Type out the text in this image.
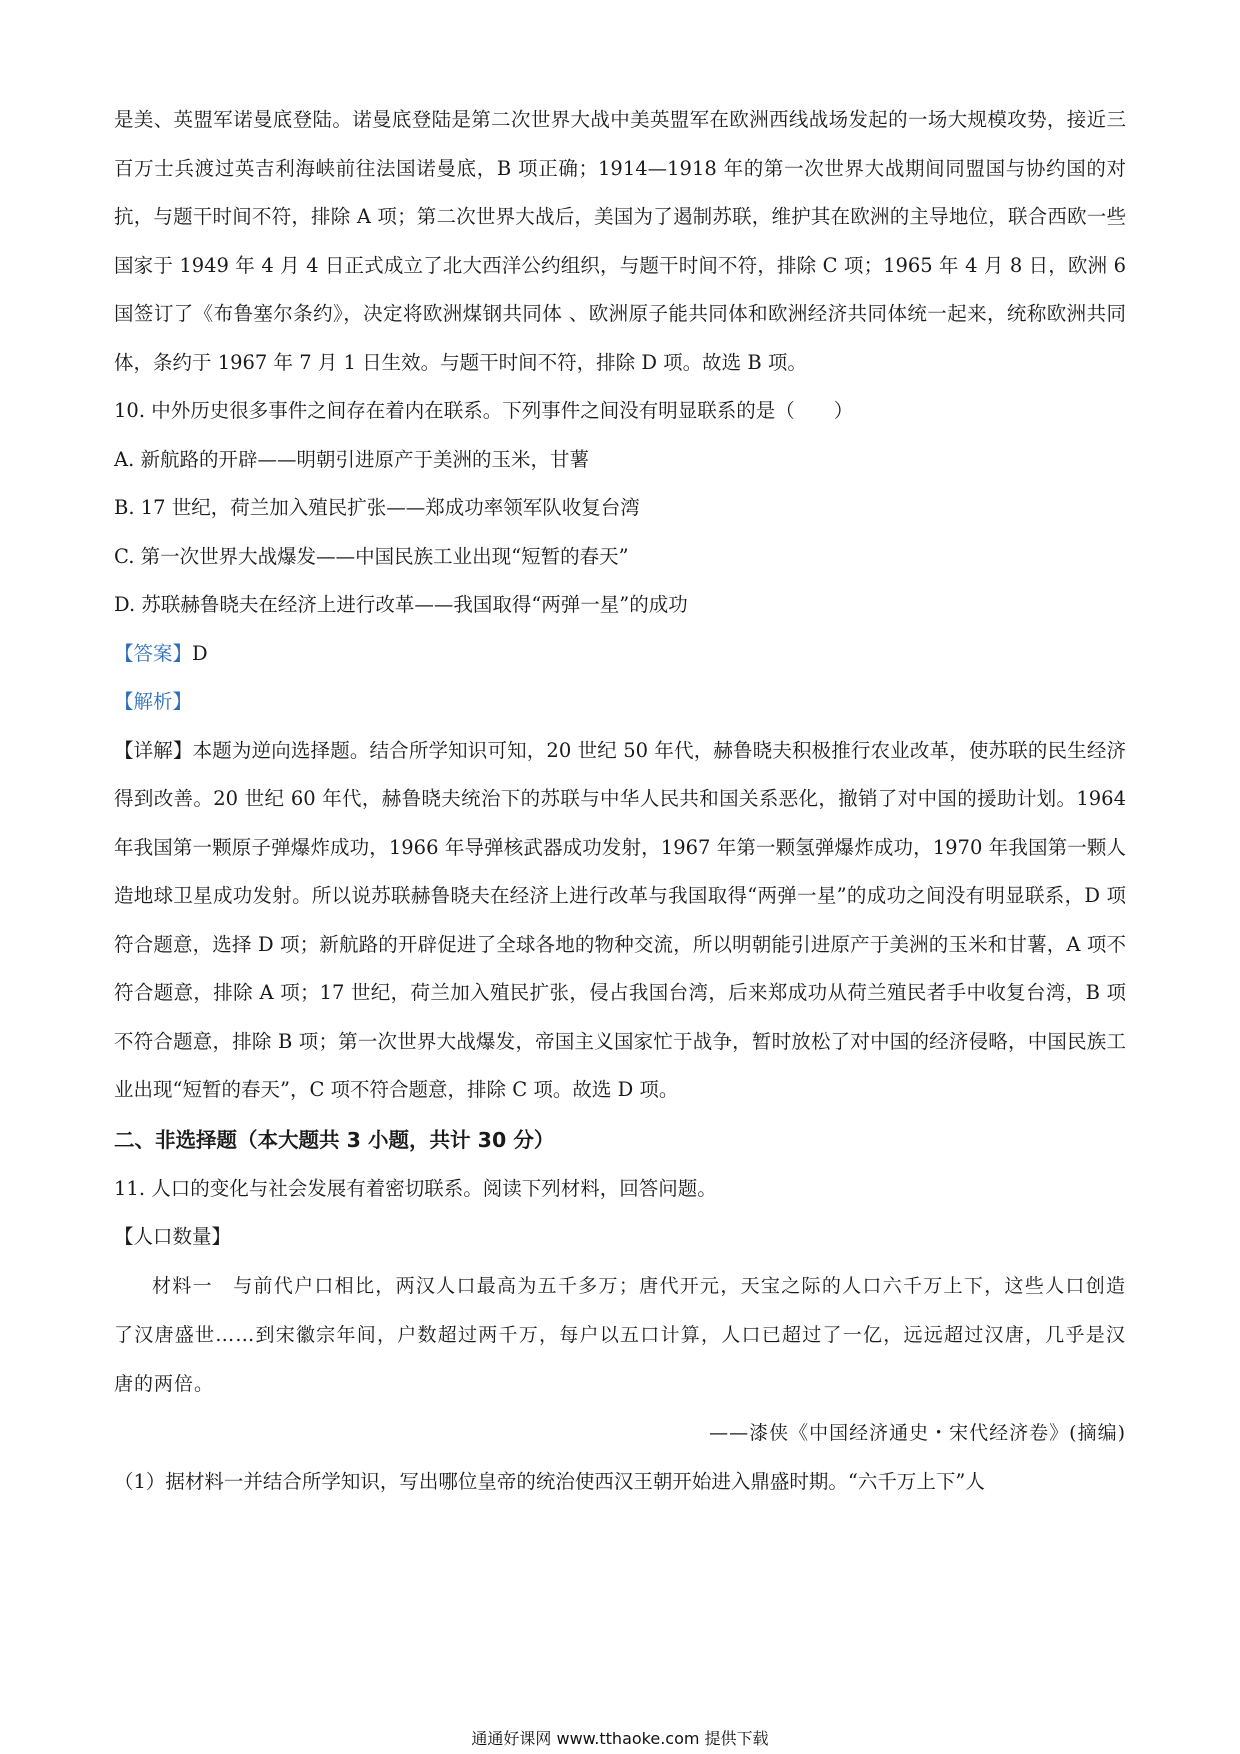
是美、英盟军诺曼底登陆。诺曼底登陆是第二次世界大战中美英盟军在欧洲西线战场发起的一场大规模攻势，接近三百万士兵渡过英吉利海峡前往法国诺曼底，B 项正确；1914—1918 年的第一次世界大战期间同盟国与协约国的对抗，与题干时间不符，排除 A 项；第二次世界大战后，美国为了遏制苏联，维护其在欧洲的主导地位，联合西欧一些国家于 1949 年 4 月 4 日正式成立了北大西洋公约组织，与题干时间不符，排除 C 项；1965 年 4 月 8 日，欧洲 6 国签订了《布鲁塞尔条约》，决定将欧洲煤钢共同体 、欧洲原子能共同体和欧洲经济共同体统一起来，统称欧洲共同体，条约于 1967 年 7 月 1 日生效。与题干时间不符，排除 D 项。故选 B 项。

10. 中外历史很多事件之间存在着内在联系。下列事件之间没有明显联系的是（　　）

A. 新航路的开辟——明朝引进原产于美洲的玉米，甘薯

B. 17 世纪，荷兰加入殖民扩张——郑成功率领军队收复台湾

C. 第一次世界大战爆发——中国民族工业出现“短暂的春天”

D. 苏联赫鲁晓夫在经济上进行改革——我国取得“两弹一星”的成功

【答案】D

【解析】

【详解】本题为逆向选择题。结合所学知识可知，20 世纪 50 年代，赫鲁晓夫积极推行农业改革，使苏联的民生经济得到改善。20 世纪 60 年代，赫鲁晓夫统治下的苏联与中华人民共和国关系恶化，撤销了对中国的援助计划。1964 年我国第一颗原子弹爆炸成功，1966 年导弹核武器成功发射，1967 年第一颗氢弹爆炸成功，1970 年我国第一颗人造地球卫星成功发射。所以说苏联赫鲁晓夫在经济上进行改革与我国取得“两弹一星”的成功之间没有明显联系，D 项符合题意，选择 D 项；新航路的开辟促进了全球各地的物种交流，所以明朝能引进原产于美洲的玉米和甘薯，A 项不符合题意，排除 A 项；17 世纪，荷兰加入殖民扩张，侵占我国台湾，后来郑成功从荷兰殖民者手中收复台湾，B 项不符合题意，排除 B 项；第一次世界大战爆发，帝国主义国家忙于战争，暂时放松了对中国的经济侵略，中国民族工业出现“短暂的春天”，C 项不符合题意，排除 C 项。故选 D 项。

二、非选择题（本大题共 3 小题，共计 30 分）

11. 人口的变化与社会发展有着密切联系。阅读下列材料，回答问题。

【人口数量】

材料一　与前代户口相比，两汉人口最高为五千多万；唐代开元，天宝之际的人口六千万上下，这些人口创造了汉唐盛世……到宋徽宗年间，户数超过两千万，每户以五口计算，人口已超过了一亿，远远超过汉唐，几乎是汉唐的两倍。

——漆侠《中国经济通史・宋代经济卷》(摘编)

（1）据材料一并结合所学知识，写出哪位皇帝的统治使西汉王朝开始进入鼎盛时期。“六千万上下”人

通通好课网 www.tthaoke.com 提供下载
